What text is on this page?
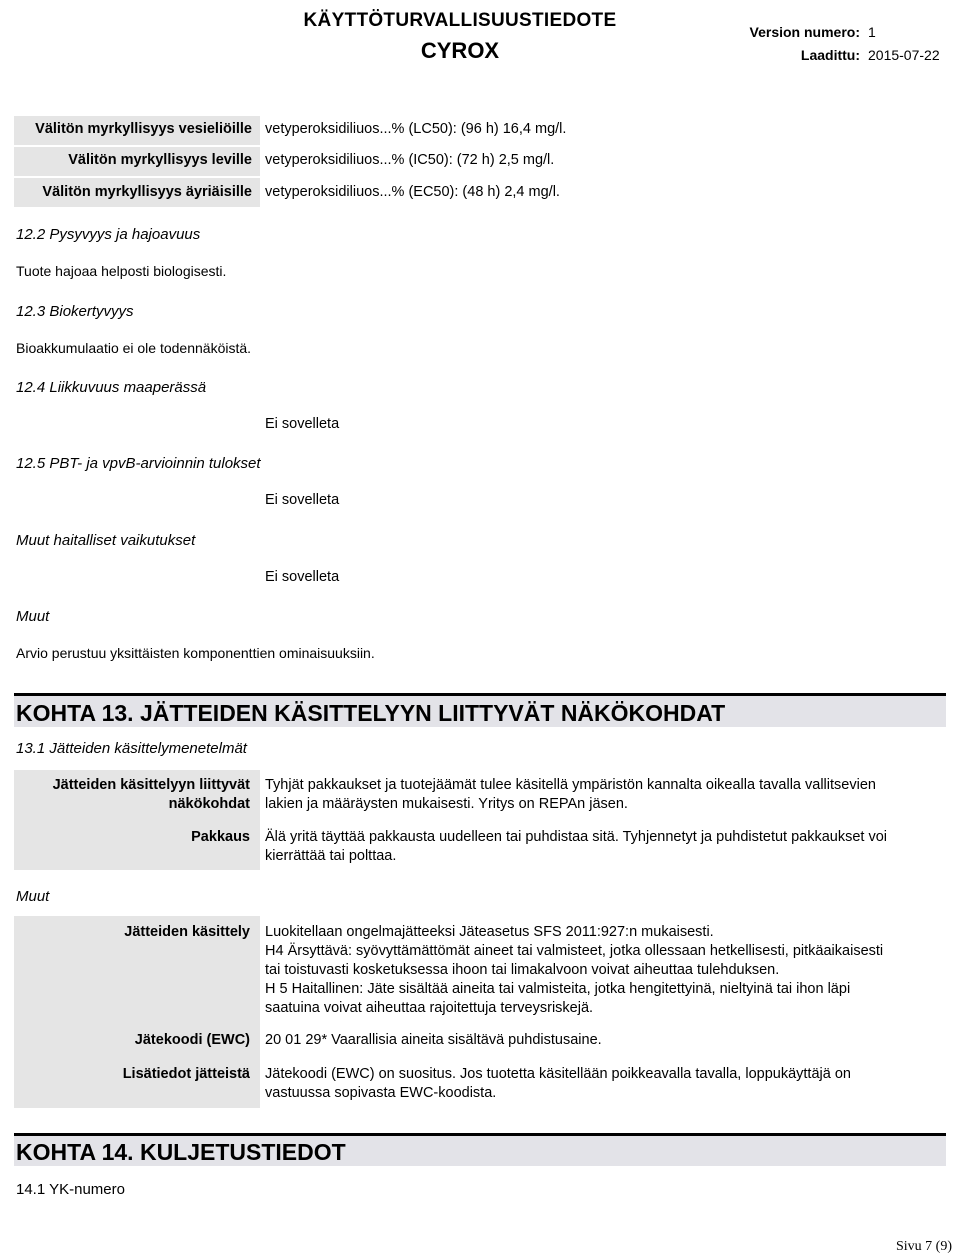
KÄYTTÖTURVALLISUUSTIEDOTE
CYROX
Version numero: 1
Laadittu: 2015-07-22
Välitön myrkyllisyys vesieliöille vetyperoksidiliuos...% (LC50): (96 h) 16,4 mg/l.
Välitön myrkyllisyys leville vetyperoksidiliuos...% (IC50): (72 h) 2,5 mg/l.
Välitön myrkyllisyys äyriäisille vetyperoksidiliuos...% (EC50): (48 h) 2,4 mg/l.
12.2 Pysyvyys ja hajoavuus
Tuote hajoaa helposti biologisesti.
12.3 Biokertyvyys
Bioakkumulaatio ei ole todennäköistä.
12.4 Liikkuvuus maaperässä
Ei sovelleta
12.5 PBT- ja vpvB-arvioinnin tulokset
Ei sovelleta
Muut haitalliset vaikutukset
Ei sovelleta
Muut
Arvio perustuu yksittäisten komponenttien ominaisuuksiin.
KOHTA 13. JÄTTEIDEN KÄSITTELYYN LIITTYVÄT NÄKÖKOHDAT
13.1 Jätteiden käsittelymenetelmät
Jätteiden käsittelyyn liittyvät
näkökohdat
Tyhjät pakkaukset ja tuotejäämät tulee käsitellä ympäristön kannalta oikealla tavalla vallitsevien
lakien ja määräysten mukaisesti. Yritys on REPAn jäsen.
Pakkaus Älä yritä täyttää pakkausta uudelleen tai puhdistaa sitä. Tyhjennetyt ja puhdistetut pakkaukset voi
kierrättää tai polttaa.
Muut
Jätteiden käsittely Luokitellaan ongelmajätteeksi Jäteasetus SFS 2011:927:n mukaisesti.
H4 Ärsyttävä: syövyttämättömät aineet tai valmisteet, jotka ollessaan hetkellisesti, pitkäaikaisesti
tai toistuvasti kosketuksessa ihoon tai limakalvoon voivat aiheuttaa tulehduksen.
H 5 Haitallinen: Jäte sisältää aineita tai valmisteita, jotka hengitettyinä, nieltyinä tai ihon läpi
saatuina voivat aiheuttaa rajoitettuja terveysriskejä.
Jätekoodi (EWC) 20 01 29* Vaarallisia aineita sisältävä puhdistusaine.
Lisätiedot jätteistä Jätekoodi (EWC) on suositus. Jos tuotetta käsitellään poikkeavalla tavalla, loppukäyttäjä on
vastuussa sopivasta EWC-koodista.
KOHTA 14. KULJETUSTIEDOT
14.1 YK-numero
Sivu 7 (9)
